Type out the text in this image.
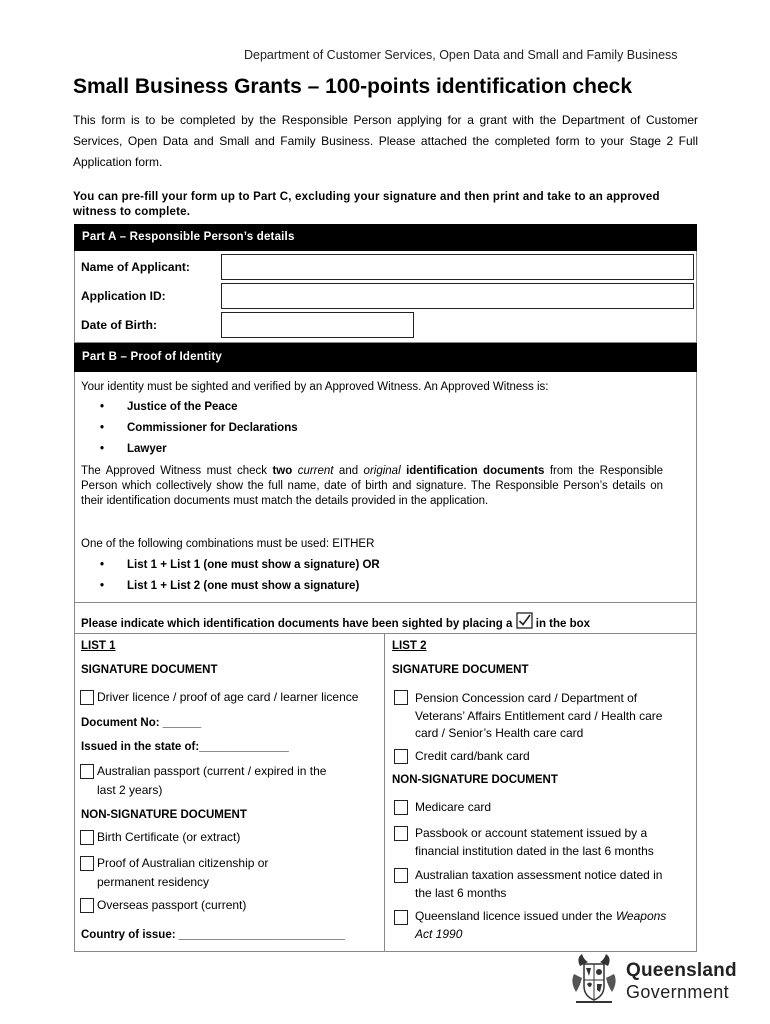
Department of Customer Services, Open Data and Small and Family Business
Small Business Grants – 100-points identification check

This form is to be completed by the Responsible Person applying for a grant with the Department of Customer Services, Open Data and Small and Family Business. Please attached the completed form to your Stage 2 Full Application form.

You can pre-fill your form up to Part C, excluding your signature and then print and take to an approved witness to complete.
Part A – Responsible Person’s details
Name of Applicant:
Application ID:
Date of Birth:
Part B – Proof of Identity
Your identity must be sighted and verified by an Approved Witness. An Approved Witness is:
• Justice of the Peace
• Commissioner for Declarations
• Lawyer
The Approved Witness must check two current and original identification documents from the Responsible Person which collectively show the full name, date of birth and signature. The Responsible Person’s details on their identification documents must match the details provided in the application.
One of the following combinations must be used: EITHER
• List 1 + List 1 (one must show a signature) OR
• List 1 + List 2 (one must show a signature)
Please indicate which identification documents have been sighted by placing a in the box
LIST 1
SIGNATURE DOCUMENT
Driver licence / proof of age card / learner licence
Document No: ______
Issued in the state of:______________
Australian passport (current / expired in the
last 2 years)
NON-SIGNATURE DOCUMENT
Birth Certificate (or extract)
Proof of Australian citizenship or
permanent residency
Overseas passport (current)
Country of issue: __________________________
LIST 2
SIGNATURE DOCUMENT
Pension Concession card / Department of
Veterans’ Affairs Entitlement card / Health care
card / Senior’s Health care card
Credit card/bank card
NON-SIGNATURE DOCUMENT
Medicare card
Passbook or account statement issued by a
financial institution dated in the last 6 months
Australian taxation assessment notice dated in
the last 6 months
Queensland licence issued under the Weapons
Act 1990
Queensland
Government
